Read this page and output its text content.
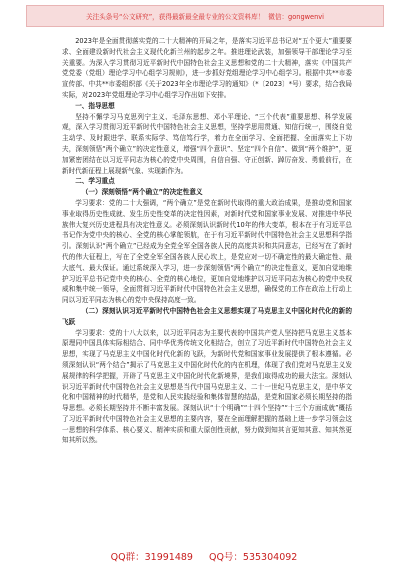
关注头条号“公文研究”，获得最新最全最专业的公文资料库！ 微信：gongwenvi

2023年是全面贯彻落实党的二十大精神的开局之年，是落实习近平总书记对“五个更大”重要要求、全面建设新时代社会主义现代化新兰州的起步之年。推进理论武装，加强领导干部理论学习至关重要。为深入学习贯彻习近平新时代中国特色社会主义思想和党的二十大精神，落实《中国共产党党委（党组）理论学习中心组学习规则》，进一步抓好党组理论学习中心组学习。根据中共**市委宣传部、中共**市委组织部《关于2023年全市理论学习的通知》（*〔2023〕*号）要求，结合我局实际，对2023年党组理论学习中心组学习作出如下安排。

一、指导思想

坚持不懈学习马克思列宁主义、毛泽东思想、邓小平理论、“三个代表”重要思想、科学发展观，深入学习贯彻习近平新时代中国特色社会主义思想，坚持学思用贯通、知信行统一，围绕自觉主动学、及时跟进学、联系实际学、笃信笃行学，着力在全面学习、全面把握、全面落实上下功夫，深刻领悟“两个确立”的决定性意义，增强“四个意识”、坚定“四个自信”、做到“两个维护”，更加紧密团结在以习近平同志为核心的党中央周围，自信自强、守正创新、踔厉奋发、勇毅前行，在新时代新征程上展现新气象、实现新作为。

二、学习重点

（一）深刻领悟“两个确立”的决定性意义

学习要求：党的二十大强调，“两个确立”是党在新时代取得的重大政治成果，是推动党和国家事业取得历史性成就、发生历史性变革的决定性因素，对新时代党和国家事业发展、对推进中华民族伟大复兴历史进程具有决定性意义。必须深刻认识新时代10年的伟大变革，根本在于有习近平总书记作为党中央的核心、全党的核心掌舵领航，在于有习近平新时代中国特色社会主义思想科学指引。深刻认识“两个确立”已经成为全党全军全国各族人民的高度共识和共同意志，已经写在了新时代的伟大征程上，写在了全党全军全国各族人民心坎上，是党应对一切不确定性的最大确定性、最大底气、最大保证。通过系统深入学习，进一步深刻领悟“两个确立”的决定性意义，更加自觉地维护习近平总书记党中央的核心、全党的核心地位，更加自觉地维护以习近平同志为核心的党中央权威和集中统一领导，全面贯彻习近平新时代中国特色社会主义思想，确保党的工作在政治上行动上同以习近平同志为核心的党中央保持高度一致。

（二）深刻认识习近平新时代中国特色社会主义思想实现了马克思主义中国化时代化的新的飞跃

学习要求：党的十八大以来，以习近平同志为主要代表的中国共产党人坚持把马克思主义基本原理同中国具体实际相结合、同中华优秀传统文化相结合，创立了习近平新时代中国特色社会主义思想，实现了马克思主义中国化时代化新的飞跃，为新时代党和国家事业发展提供了根本遵循。必须深刻认识“两个结合”揭示了马克思主义中国化时代化的内在机理，体现了我们党对马克思主义发展规律的科学把握，开辟了马克思主义中国化时代化新境界，是我们取得成功的最大法宝。深刻认识习近平新时代中国特色社会主义思想是当代中国马克思主义、二十一世纪马克思主义，是中华文化和中国精神的时代精华，是党和人民实践经验和集体智慧的结晶，是党和国家必须长期坚持的指导思想。必须长期坚持并不断丰富发展。深刻认识“十个明确”“十四个坚持”“十三个方面成就”概括了习近平新时代中国特色社会主义思想的主要内容，要在全面理解把握的基础上进一步学习领会这一思想的科学体系、核心要义、精神实质和重大原创性贡献，努力做到知其言更知其意、知其然更知其所以然。

QQ群：31991489 QQ号：535304092
